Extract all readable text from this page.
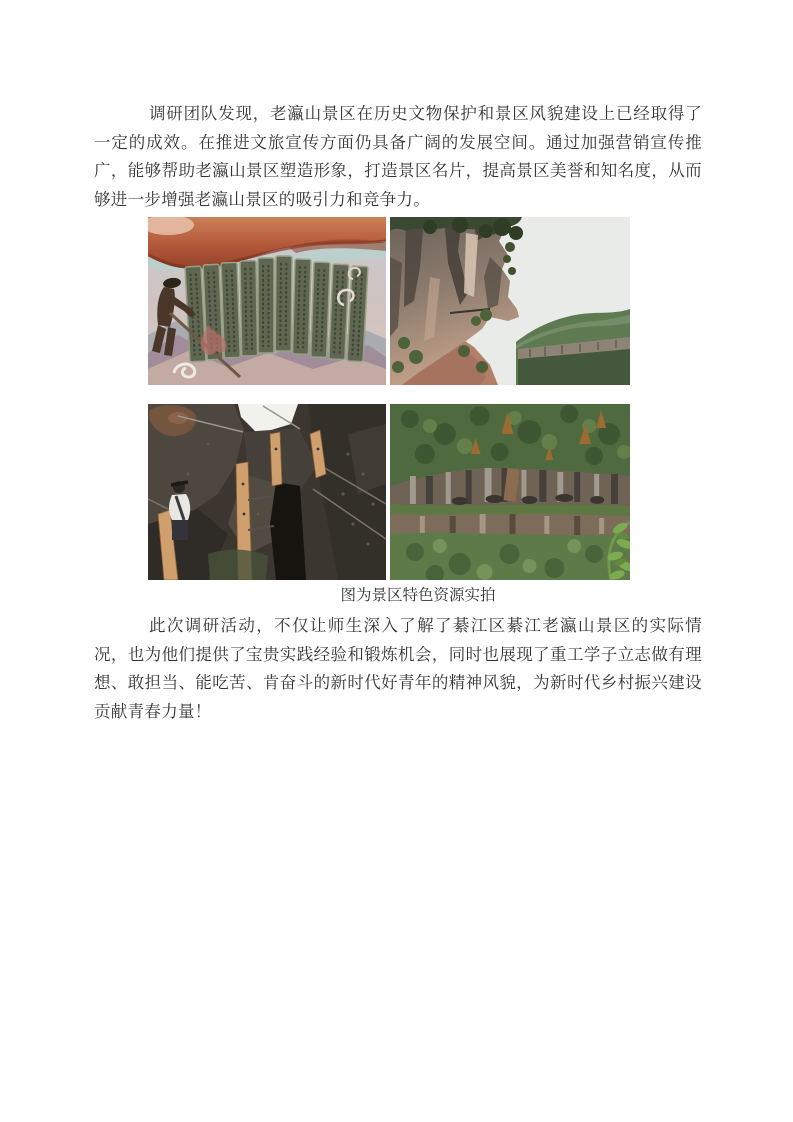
调研团队发现，老瀛山景区在历史文物保护和景区风貌建设上已经取得了一定的成效。在推进文旅宣传方面仍具备广阔的发展空间。通过加强营销宣传推广，能够帮助老瀛山景区塑造形象，打造景区名片，提高景区美誉和知名度，从而够进一步增强老瀛山景区的吸引力和竞争力。

图为景区特色资源实拍

此次调研活动，不仅让师生深入了解了綦江区綦江老瀛山景区的实际情况，也为他们提供了宝贵实践经验和锻炼机会，同时也展现了重工学子立志做有理想、敢担当、能吃苦、肯奋斗的新时代好青年的精神风貌，为新时代乡村振兴建设贡献青春力量！
